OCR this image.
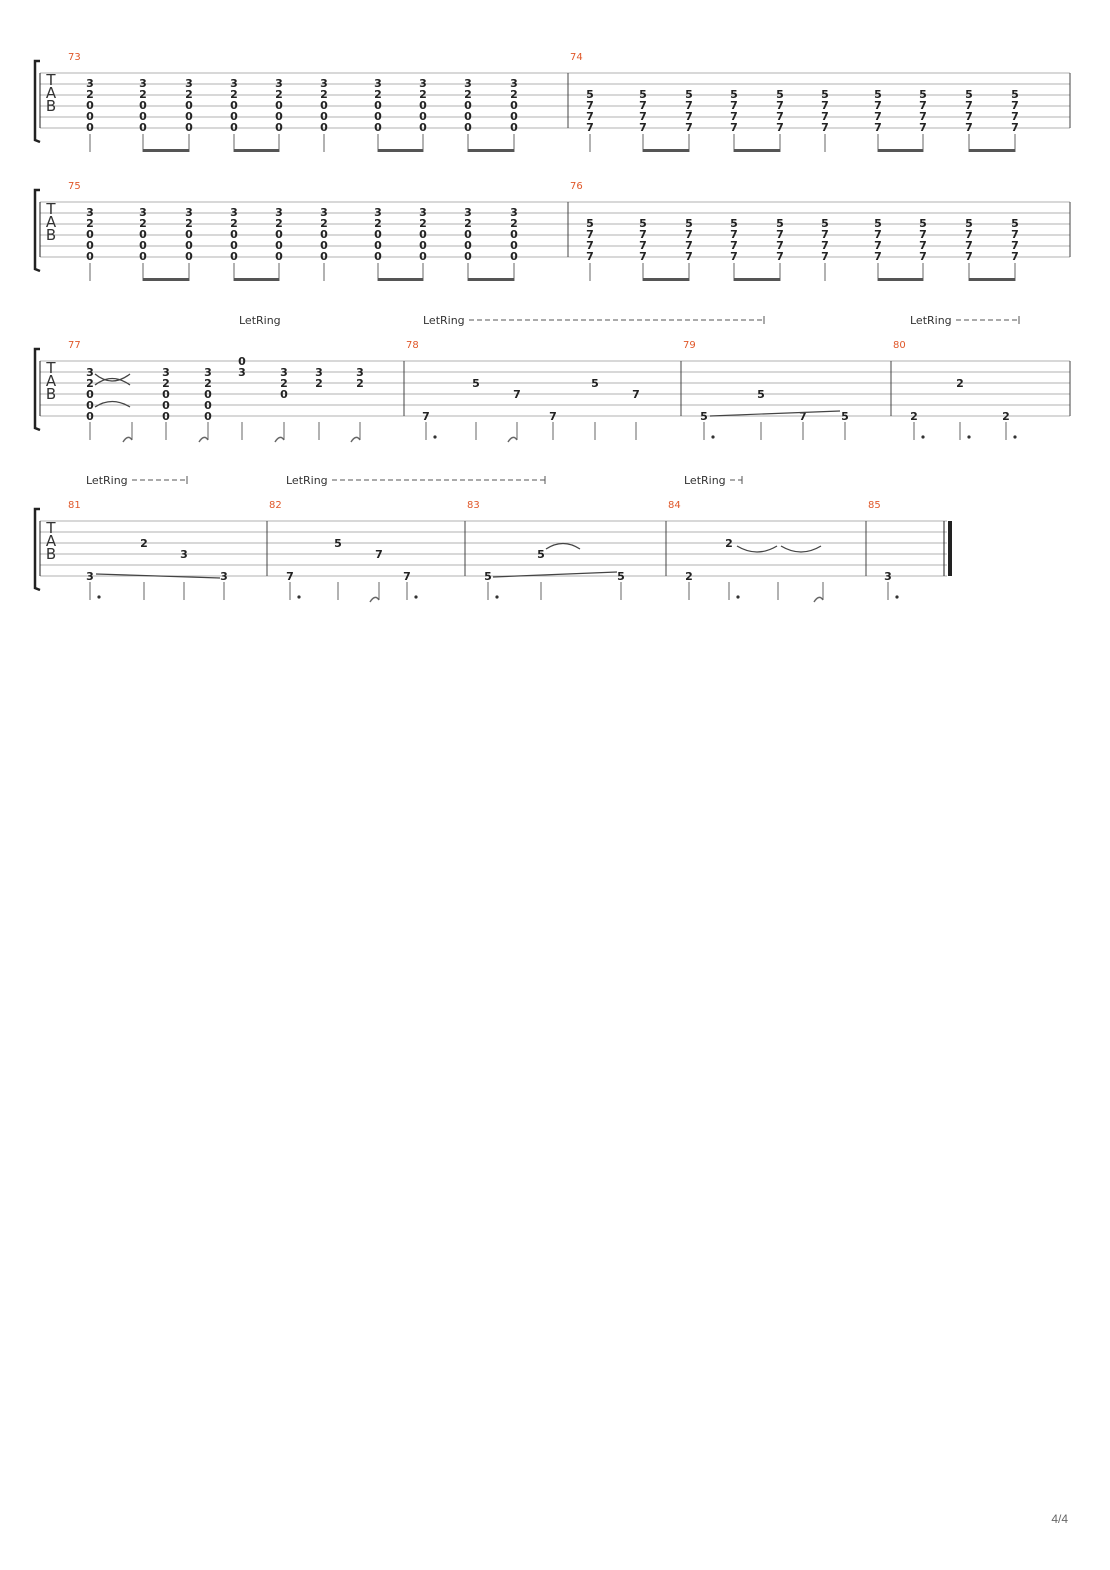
T
A
B
73
3
2
0
0
0
3
2
0
0
0
3
2
0
0
0
3
2
0
0
0
3
2
0
0
0
3
2
0
0
0
3
2
0
0
0
3
2
0
0
0
3
2
0
0
0
3
2
0
0
0
74
5
7
7
7
5
7
7
7
5
7
7
7
5
7
7
7
5
7
7
7
5
7
7
7
5
7
7
7
5
7
7
7
5
7
7
7
5
7
7
7
T
A
B
75
3
2
0
0
0
3
2
0
0
0
3
2
0
0
0
3
2
0
0
0
3
2
0
0
0
3
2
0
0
0
3
2
0
0
0
3
2
0
0
0
3
2
0
0
0
3
2
0
0
0
76
5
7
7
7
5
7
7
7
5
7
7
7
5
7
7
7
5
7
7
7
5
7
7
7
5
7
7
7
5
7
7
7
5
7
7
7
5
7
7
7
T
A
B
77
3
2
0
0
0
3
2
0
0
0
3
2
0
0
0
0
3	3
2
0
3
2
3
2
78
7
5
7
7
5
7
79
5
5
7	5
80
2
2
2
T
A
B
81
3
2
3
3
82
7
5
7
7
83
5
5
5
84
2
2
85
3
LetRing	LetRing	LetRing
LetRing	LetRing	LetRing
4/4
